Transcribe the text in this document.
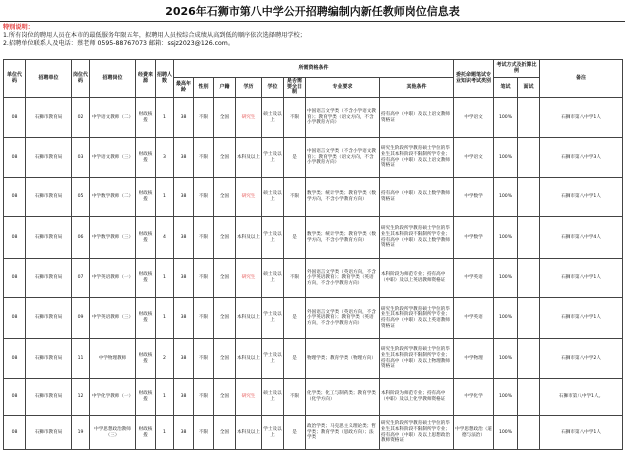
2026年石狮市第八中学公开招聘编制内新任教师岗位信息表
特别说明：
1.所有岗位的聘用人员在本市的最低服务年限五年，拟聘用人员按综合成绩从高到低的顺序依次选择聘用学校；
2.招聘单位联系人及电话：蔡老师 0595-88767073 邮箱：ssjz2023@126.com。
单位代码	招聘单位	岗位代码	招聘岗位	经费来源	招聘人数	所需资格条件								委托命题笔试专业知识考试类别	考试方式及折算比例		备注
						最高年龄	性别	户籍	学历	学位	是否需要全日制	专业要求	其他条件		笔试	面试	
08	石狮市教育局	02	中学语文教师（二）	财政核拨	1	38	不限	全国	研究生	硕士及以上	不限	中国语言文学类（不含小学语文教育）；教育学类（语文方向，不含小学教育方向）	持有高中（中职）及以上语文教师资格证	中学语文	100%		石狮市第八中学1人
08	石狮市教育局	03	中学语文教师（三）	财政核拨	3	38	不限	全国	本科及以上	学士及以上	是	中国语言文学类（不含小学语文教育）；教育学类（语文方向，不含小学教育方向）	研究生阶段所学教育硕士学位的毕业生其本科阶段不限制所学专业；持有高中（中职）及以上语文教师资格证	中学语文	100%		石狮市第八中学3人
08	石狮市教育局	05	中学数学教师（二）	财政核拨	1	38	不限	全国	研究生	硕士及以上	不限	数学类；统计学类；教育学类（数学方向，不含小学教育方向）	持有高中（中职）及以上数学教师资格证	中学数学	100%		石狮市第八中学1人
08	石狮市教育局	06	中学数学教师（三）	财政核拨	4	38	不限	全国	本科及以上	学士及以上	是	数学类；统计学类；教育学类（数学方向，不含小学教育方向）	研究生阶段所学教育硕士学位的毕业生其本科阶段不限制所学专业；持有高中（中职）及以上数学教师资格证	中学数学	100%		石狮市第八中学4人
08	石狮市教育局	07	中学英语教师（一）	财政核拨	1	38	不限	全国	研究生	硕士及以上	不限	外国语言文学类（英语方向，不含小学英语教育）；教育学类（英语方向，不含小学教育方向）	本科阶段为师范专业；持有高中（中职）及以上英语教师资格证	中学英语	100%		石狮市第八中学1人
08	石狮市教育局	09	中学英语教师（三）	财政核拨	1	38	不限	全国	本科及以上	学士及以上	是	外国语言文学类（英语方向，不含小学英语教育）；教育学类（英语方向，不含小学教育方向）	研究生阶段所学教育硕士学位的毕业生其本科阶段不限制所学专业；持有高中（中职）及以上英语教师资格证	中学英语	100%		石狮市第八中学1人
08	石狮市教育局	11	中学物理教师	财政核拨	2	38	不限	全国	本科及以上	学士及以上	是	物理学类；教育学类（物理方向）	研究生阶段所学教育硕士学位的毕业生其本科阶段不限制所学专业；持有高中（中职）及以上物理教师资格证	中学物理	100%		石狮市第八中学2人
08	石狮市教育局	12	中学化学教师（一）	财政核拨	1	38	不限	全国	研究生	硕士及以上	不限	化学类；化工与制药类；教育学类（化学方向）	本科阶段为师范专业；持有高中（中职）及以上化学教师资格证	中学化学	100%		石狮市第八中学1人。
08	石狮市教育局	19	中学思想政治教师（三）	财政核拨	1	38	不限	全国	本科及以上	学士及以上	是	政治学类；马克思主义理论类；哲学类；教育学类（思政方向）；法学类	研究生阶段所学教育硕士学位的毕业生其本科阶段不限制所学专业；持有高中（中职）及以上思想政治教师资格证	中学思想政治（道德与法治）	100%		石狮市第八中学1人
